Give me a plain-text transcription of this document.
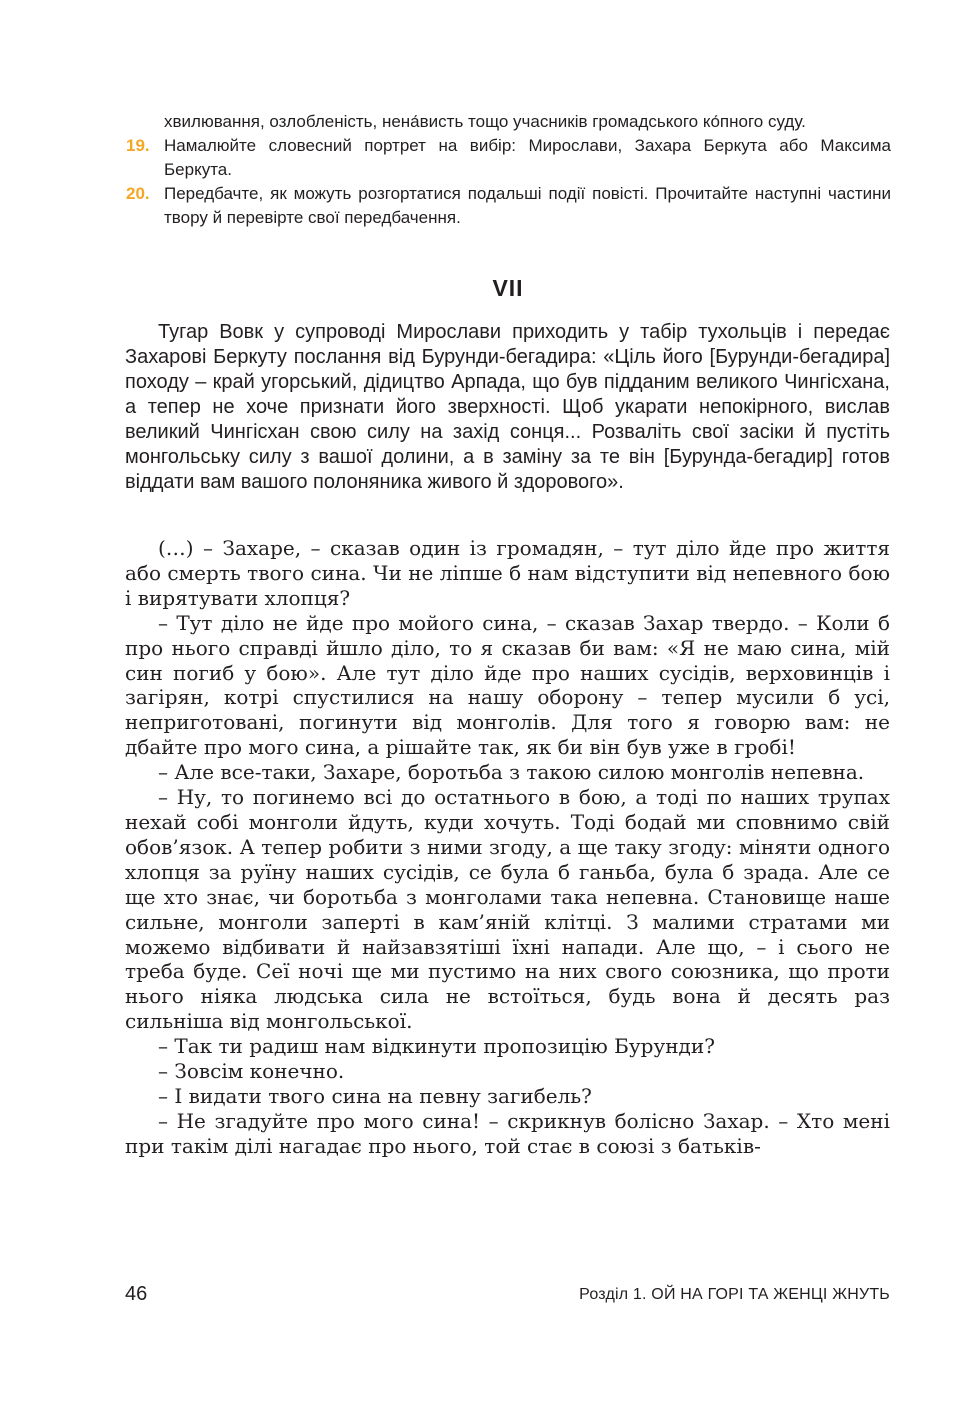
хвилювання, озлобленість, нена́висть тощо учасників громадського ко́пного суду.
19. Намалюйте словесний портрет на вибір: Мирослави, Захара Беркута або Максима Беркута.
20. Передбачте, як можуть розгортатися подальші події повісті. Прочитайте наступні частини твору й перевірте свої передбачення.
VII

Тугар Вовк у супроводі Мирослави приходить у табір тухольців і передає Захарові Беркуту послання від Бурунди-бегадира: «Ціль його [Бурунди-бегадира] походу – край угорський, дідицтво Арпада, що був підданим великого Чингісхана, а тепер не хоче признати його зверхності. Щоб укарати непокірного, вислав великий Чингісхан свою силу на захід сонця... Розваліть свої засіки й пустіть монгольську силу з вашої долини, а в заміну за те він [Бурунда-бегадир] готов віддати вам вашого полоняника живого й здорового».

(…) – Захаре, – сказав один із громадян, – тут діло йде про життя або смерть твого сина. Чи не ліпше б нам відступити від непевного бою і вирятувати хлопця?

– Тут діло не йде про мойого сина, – сказав Захар твердо. – Коли б про нього справді йшло діло, то я сказав би вам: «Я не маю сина, мій син погиб у бою». Але тут діло йде про наших сусідів, верховинців і загірян, котрі спустилися на нашу оборону – тепер мусили б усі, неприготовані, погинути від монголів. Для того я говорю вам: не дбайте про мого сина, а рішайте так, як би він був уже в гробі!

– Але все-таки, Захаре, боротьба з такою силою монголів непевна.

– Ну, то погинемо всі до остатнього в бою, а тоді по наших трупах нехай собі монголи йдуть, куди хочуть. Тоді бодай ми сповнимо свій обов’язок. А тепер робити з ними згоду, а ще таку згоду: міняти одного хлопця за руїну наших сусідів, се була б ганьба, була б зрада. Але се ще хто знає, чи боротьба з монголами така непевна. Становище наше сильне, монголи заперті в кам’яній клітці. З малими стратами ми можемо відбивати й найзавзятіші їхні напади. Але що, – і сього не треба буде. Сеї ночі ще ми пустимо на них свого союзника, що проти нього ніяка людська сила не встоїться, будь вона й десять раз сильніша від монгольської.

– Так ти радиш нам відкинути пропозицію Бурунди?

– Зовсім конечно.

– І видати твого сина на певну загибель?

– Не згадуйте про мого сина! – скрикнув болісно Захар. – Хто мені при такім ділі нагадає про нього, той стає в союзі з батьків-

46	Розділ 1. ОЙ НА ГОРІ ТА ЖЕНЦІ ЖНУТЬ
